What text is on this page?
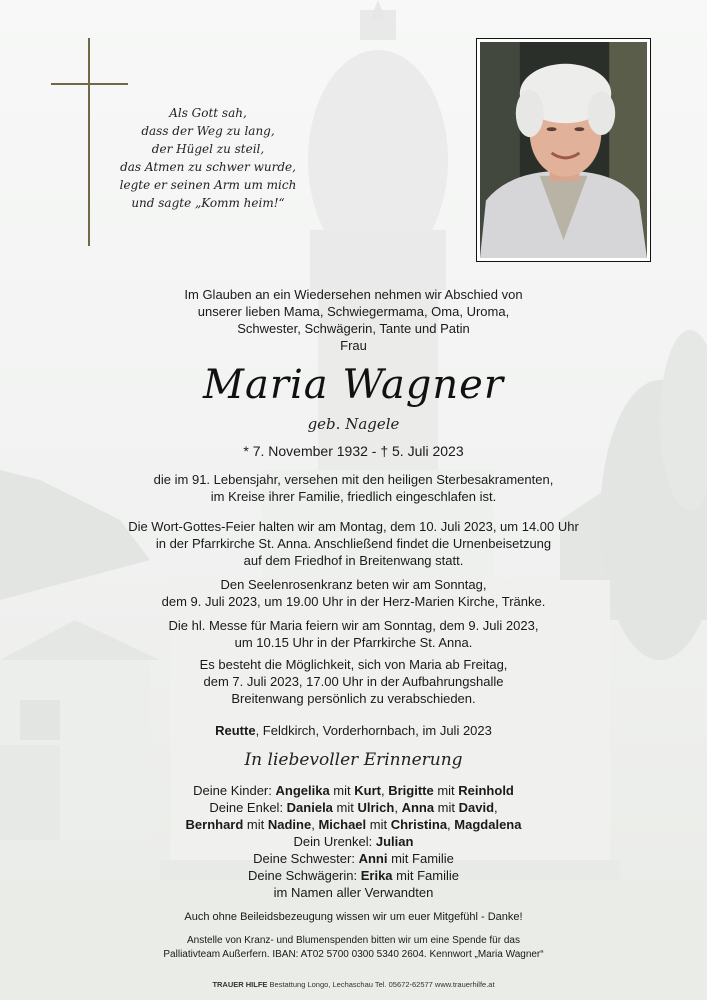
Als Gott sah,
dass der Weg zu lang,
der Hügel zu steil,
das Atmen zu schwer wurde,
legte er seinen Arm um mich
und sagte „Komm heim!“

Im Glauben an ein Wiedersehen nehmen wir Abschied von

unserer lieben Mama, Schwiegermama, Oma, Uroma,

Schwester, Schwägerin, Tante und Patin

Frau

Maria Wagner
geb. Nagele
* 7. November 1932 - † 5. Juli 2023

die im 91. Lebensjahr, versehen mit den heiligen Sterbesakramenten,

im Kreise ihrer Familie, friedlich eingeschlafen ist.

Die Wort-Gottes-Feier halten wir am Montag, dem 10. Juli 2023, um 14.00 Uhr

in der Pfarrkirche St. Anna. Anschließend findet die Urnenbeisetzung

auf dem Friedhof in Breitenwang statt.

Den Seelenrosenkranz beten wir am Sonntag,

dem 9. Juli 2023, um 19.00 Uhr in der Herz-Marien Kirche, Tränke.

Die hl. Messe für Maria feiern wir am Sonntag, dem 9. Juli 2023,

um 10.15 Uhr in der Pfarrkirche St. Anna.

Es besteht die Möglichkeit, sich von Maria ab Freitag,

dem 7. Juli 2023, 17.00 Uhr in der Aufbahrungshalle

Breitenwang persönlich zu verabschieden.

Reutte, Feldkirch, Vorderhornbach, im Juli 2023
In liebevoller Erinnerung

Deine Kinder: Angelika mit Kurt, Brigitte mit Reinhold

Deine Enkel: Daniela mit Ulrich, Anna mit David,

Bernhard mit Nadine, Michael mit Christina, Magdalena

Dein Urenkel: Julian

Deine Schwester: Anni mit Familie

Deine Schwägerin: Erika mit Familie

im Namen aller Verwandten

Auch ohne Beileidsbezeugung wissen wir um euer Mitgefühl - Danke!
Anstelle von Kranz- und Blumenspenden bitten wir um eine Spende für das
Palliativteam Außerfern. IBAN: AT02 5700 0300 5340 2604. Kennwort „Maria Wagner“
TRAUER HILFE Bestattung Longo, Lechaschau Tel. 05672-62577 www.trauerhilfe.at
